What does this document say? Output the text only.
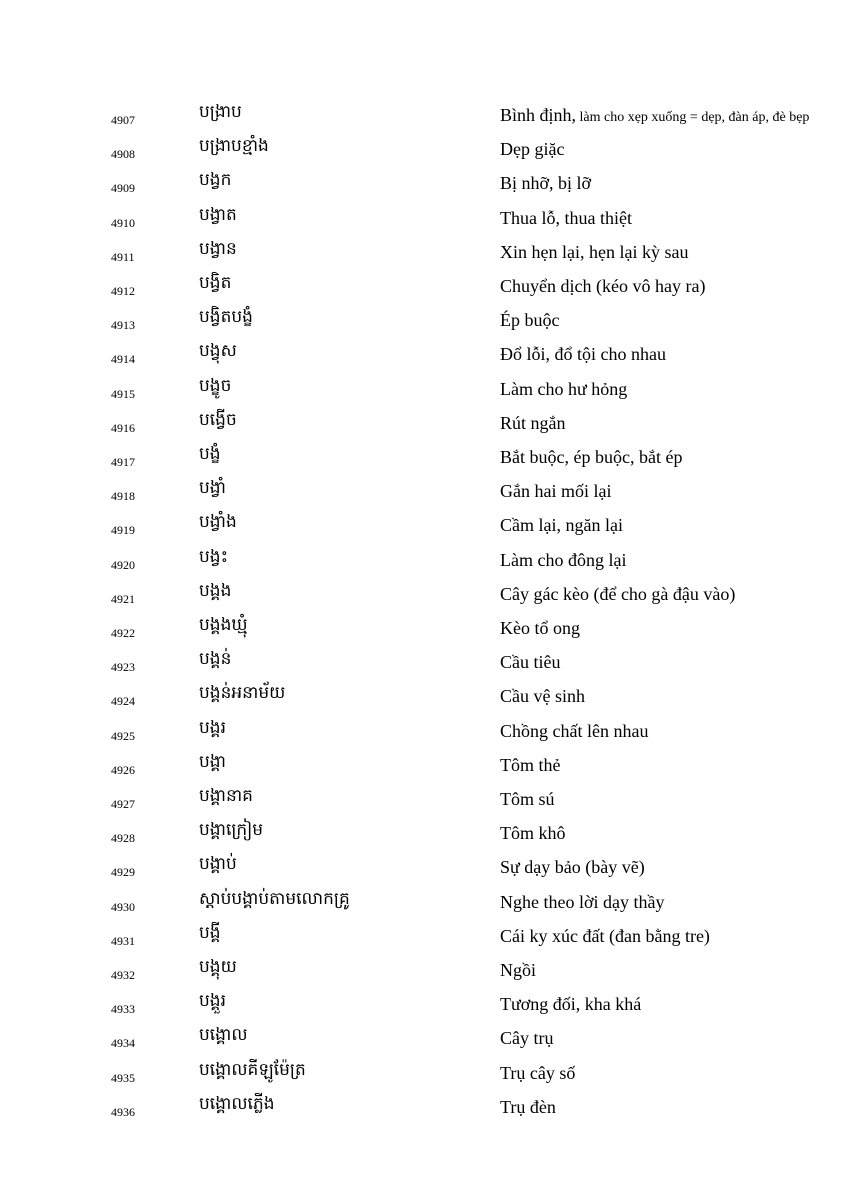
4907	បង្រាប	Bình định, làm cho xẹp xuống = dẹp, đàn áp, đè bẹp
4908	បង្រាបខ្មាំង	Dẹp giặc
4909	បង្វក	Bị nhỡ, bị lỡ
4910	បង្វាត	Thua lỗ, thua thiệt
4911	បង្វាន	Xin hẹn lại, hẹn lại kỳ sau
4912	បង្វិត	Chuyển dịch (kéo vô hay ra)
4913	បង្វិតបង្ខំ	Ép buộc
4914	បង្វុស	Đổ lỗi, đổ tội cho nhau
4915	បង្ខូច	Làm cho hư hỏng
4916	បង្វើច	Rút ngắn
4917	បង្ខំ	Bắt buộc, ép buộc, bắt ép
4918	បង្វាំ	Gắn hai mối lại
4919	បង្វាំង	Cầm lại, ngăn lại
4920	បង្វះ	Làm cho đông lại
4921	បង្គង	Cây gác kèo (để cho gà đậu vào)
4922	បង្គងឃ្មុំ	Kèo tổ ong
4923	បង្គន់	Cầu tiêu
4924	បង្គន់អនាម័យ	Cầu vệ sinh
4925	បង្គរ	Chồng chất lên nhau
4926	បង្គា	Tôm thẻ
4927	បង្គានាគ	Tôm sú
4928	បង្គាក្រៀម	Tôm khô
4929	បង្គាប់	Sự dạy bảo (bày vẽ)
4930	ស្តាប់បង្គាប់តាមលោកគ្រូ	Nghe theo lời dạy thầy
4931	បង្គី	Cái ky xúc đất (đan bằng tre)
4932	បង្គុយ	Ngồi
4933	បង្គួរ	Tương đối, kha khá
4934	បង្គោល	Cây trụ
4935	បង្គោលគីឡូម៉ែត្រ	Trụ cây số
4936	បង្គោលភ្លើង	Trụ đèn
